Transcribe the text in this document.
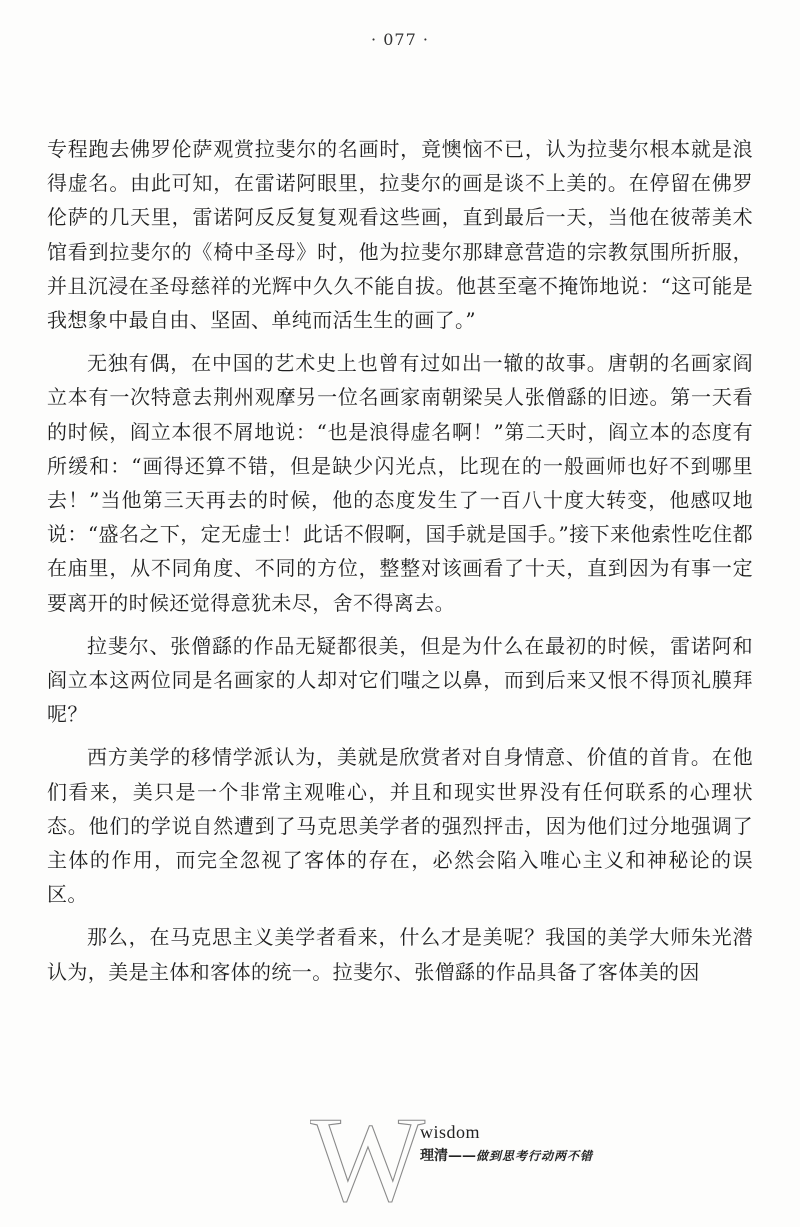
· 077 ·

专程跑去佛罗伦萨观赏拉斐尔的名画时，竟懊恼不已，认为拉斐尔根本就是浪得虚名。由此可知，在雷诺阿眼里，拉斐尔的画是谈不上美的。在停留在佛罗伦萨的几天里，雷诺阿反反复复观看这些画，直到最后一天，当他在彼蒂美术馆看到拉斐尔的《椅中圣母》时，他为拉斐尔那肆意营造的宗教氛围所折服，并且沉浸在圣母慈祥的光辉中久久不能自拔。他甚至毫不掩饰地说：“这可能是我想象中最自由、坚固、单纯而活生生的画了。”

无独有偶，在中国的艺术史上也曾有过如出一辙的故事。唐朝的名画家阎立本有一次特意去荆州观摩另一位名画家南朝梁吴人张僧繇的旧迹。第一天看的时候，阎立本很不屑地说：“也是浪得虚名啊！”第二天时，阎立本的态度有所缓和：“画得还算不错，但是缺少闪光点，比现在的一般画师也好不到哪里去！”当他第三天再去的时候，他的态度发生了一百八十度大转变，他感叹地说：“盛名之下，定无虚士！此话不假啊，国手就是国手。”接下来他索性吃住都在庙里，从不同角度、不同的方位，整整对该画看了十天，直到因为有事一定要离开的时候还觉得意犹未尽，舍不得离去。

拉斐尔、张僧繇的作品无疑都很美，但是为什么在最初的时候，雷诺阿和阎立本这两位同是名画家的人却对它们嗤之以鼻，而到后来又恨不得顶礼膜拜呢？

西方美学的移情学派认为，美就是欣赏者对自身情意、价值的首肯。在他们看来，美只是一个非常主观唯心，并且和现实世界没有任何联系的心理状态。他们的学说自然遭到了马克思美学者的强烈抨击，因为他们过分地强调了主体的作用，而完全忽视了客体的存在，必然会陷入唯心主义和神秘论的误区。

那么，在马克思主义美学者看来，什么才是美呢？我国的美学大师朱光潜认为，美是主体和客体的统一。拉斐尔、张僧繇的作品具备了客体美的因

W
wisdom
理清——做到思考行动两不错
